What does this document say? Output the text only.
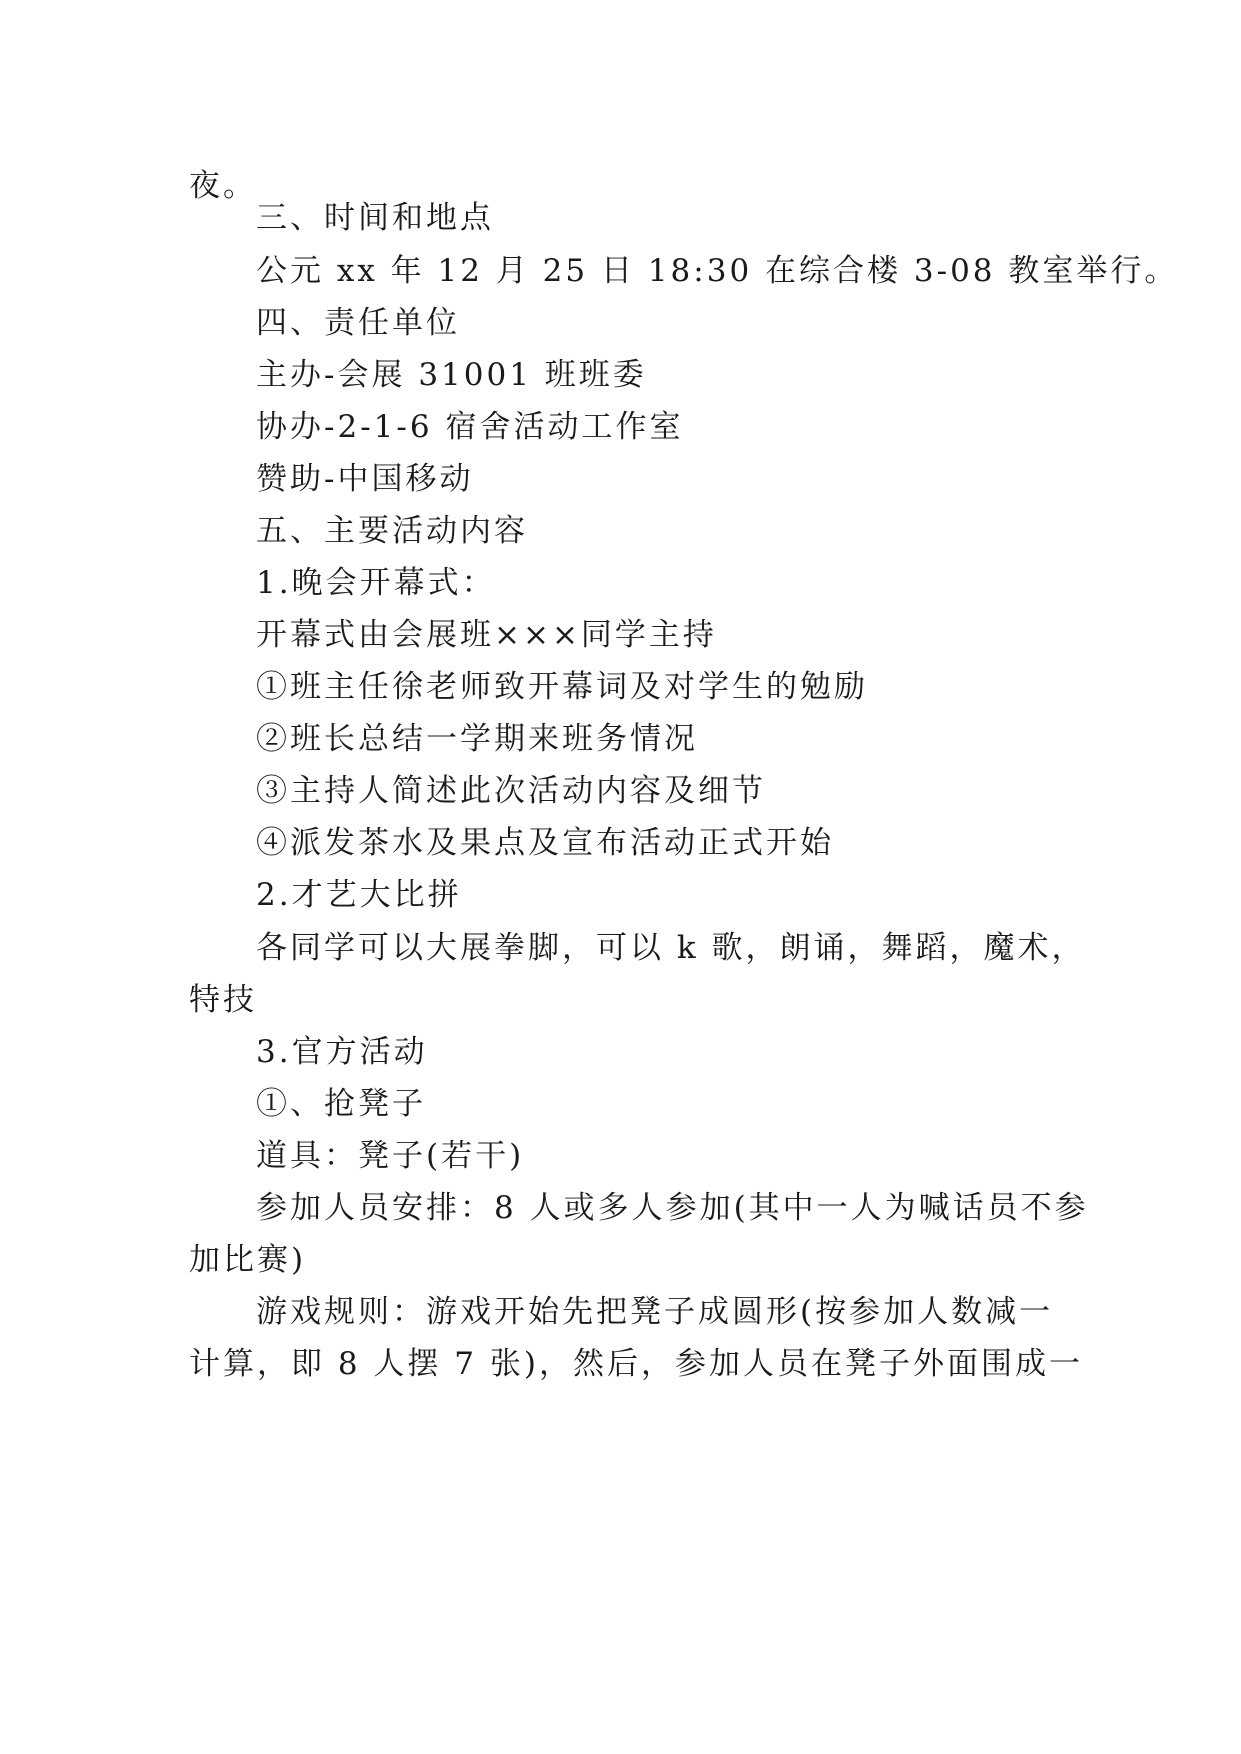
夜。

三、时间和地点

公元 xx 年 12 月 25 日 18:30 在综合楼 3-08 教室举行。

四、责任单位

主办-会展 31001 班班委

协办-2-1-6 宿舍活动工作室

赞助-中国移动

五、主要活动内容

1.晚会开幕式：

开幕式由会展班×××同学主持

①班主任徐老师致开幕词及对学生的勉励

②班长总结一学期来班务情况

③主持人简述此次活动内容及细节

④派发茶水及果点及宣布活动正式开始

2.才艺大比拼

各同学可以大展拳脚，可以 k 歌，朗诵，舞蹈，魔术，

特技

3.官方活动

①、抢凳子

道具：凳子(若干)

参加人员安排：8 人或多人参加(其中一人为喊话员不参

加比赛)

游戏规则：游戏开始先把凳子成圆形(按参加人数减一

计算，即 8 人摆 7 张)，然后，参加人员在凳子外面围成一
